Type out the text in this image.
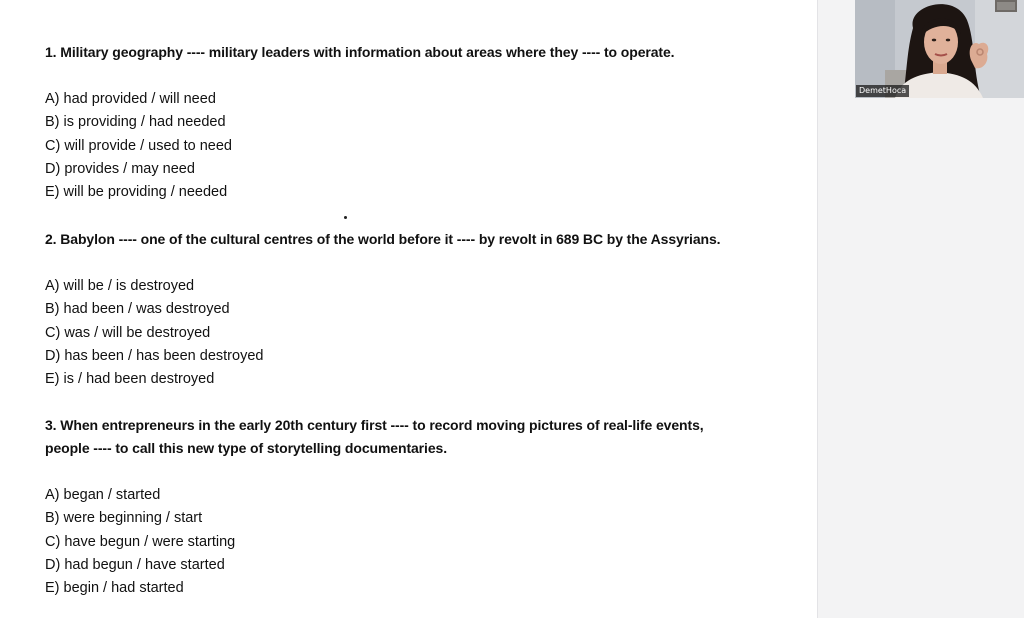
1. Military geography ---- military leaders with information about areas where they ---- to operate.

A) had provided / will need
B) is providing / had needed
C) will provide / used to need
D) provides / may need
E) will be providing / needed

2. Babylon ---- one of the cultural centres of the world before it ---- by revolt in 689 BC by the Assyrians.

A) will be / is destroyed
B) had been / was destroyed
C) was / will be destroyed
D) has been / has been destroyed
E) is / had been destroyed

3. When entrepreneurs in the early 20th century first ---- to record moving pictures of real-life events,
people ---- to call this new type of storytelling documentaries.

A) began / started
B) were beginning / start
C) have begun / were starting
D) had begun / have started
E) begin / had started
DemetHoca
